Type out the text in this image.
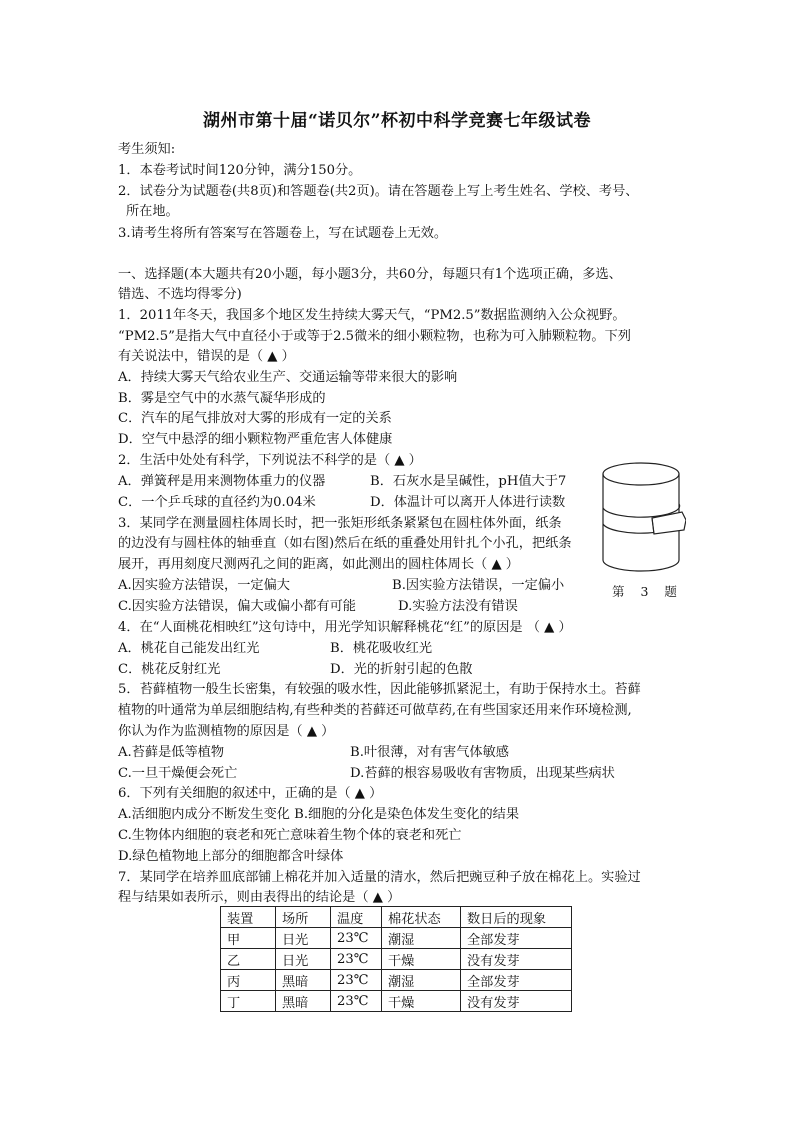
湖州市第十届“诺贝尔”杯初中科学竞赛七年级试卷
考生须知:
1．本卷考试时间120分钟，满分150分。
2．试卷分为试题卷(共8页)和答题卷(共2页)。请在答题卷上写上考生姓名、学校、考号、
所在地。
3.请考生将所有答案写在答题卷上，写在试题卷上无效。
一、选择题(本大题共有20小题，每小题3分，共60分，每题只有1个选项正确，多选、
错选、不选均得零分)
1．2011年冬天，我国多个地区发生持续大雾天气，“PM2.5”数据监测纳入公众视野。
“PM2.5”是指大气中直径小于或等于2.5微米的细小颗粒物，也称为可入肺颗粒物。下列
有关说法中，错误的是（ ▲ ）
A．持续大雾天气给农业生产、交通运输等带来很大的影响
B．雾是空气中的水蒸气凝华形成的
C．汽车的尾气排放对大雾的形成有一定的关系
D．空气中悬浮的细小颗粒物严重危害人体健康
2．生活中处处有科学，下列说法不科学的是（ ▲ ）
A．弹簧秤是用来测物体重力的仪器	B．石灰水是呈碱性，pH值大于7
C．一个乒乓球的直径约为0.04米	D．体温计可以离开人体进行读数
3．某同学在测量圆柱体周长时，把一张矩形纸条紧紧包在圆柱体外面，纸条
的边没有与圆柱体的轴垂直（如右图)然后在纸的重叠处用针扎个小孔，把纸条
展开，再用刻度尺测两孔之间的距离，如此测出的圆柱体周长（ ▲ ）
A.因实验方法错误，一定偏大	B.因实验方法错误，一定偏小
C.因实验方法错误，偏大或偏小都有可能	D.实验方法没有错误
第 3 题
4．在“人面桃花相映红”这句诗中，用光学知识解释桃花“红”的原因是 （ ▲ ）
A．桃花自己能发出红光	B．桃花吸收红光
C．桃花反射红光	D．光的折射引起的色散
5．苔藓植物一般生长密集，有较强的吸水性，因此能够抓紧泥土，有助于保持水土。苔藓
植物的叶通常为单层细胞结构,有些种类的苔藓还可做草药,在有些国家还用来作环境检测,
你认为作为监测植物的原因是（ ▲ ）
A.苔藓是低等植物	B.叶很薄，对有害气体敏感
C.一旦干燥便会死亡	D.苔藓的根容易吸收有害物质，出现某些病状
6．下列有关细胞的叙述中，正确的是（ ▲ ）
A.活细胞内成分不断发生变化 B.细胞的分化是染色体发生变化的结果
C.生物体内细胞的衰老和死亡意味着生物个体的衰老和死亡
D.绿色植物地上部分的细胞都含叶绿体
7．某同学在培养皿底部铺上棉花并加入适量的清水，然后把豌豆种子放在棉花上。实验过
程与结果如表所示，则由表得出的结论是（ ▲ ）
装置	场所	温度	棉花状态	数日后的现象
甲	日光	23℃	潮湿	全部发芽
乙	日光	23℃	干燥	没有发芽
丙	黑暗	23℃	潮湿	全部发芽
丁	黑暗	23℃	干燥	没有发芽
